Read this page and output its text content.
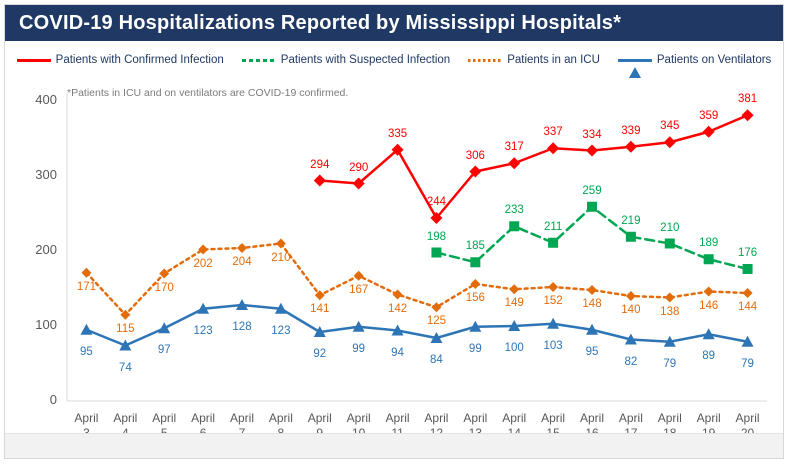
COVID-19 Hospitalizations Reported by Mississippi Hospitals*
Patients with Confirmed Infection	Patients with Suspected Infection	Patients in an ICU	Patients on Ventilators
*Patients in ICU and on ventilators are COVID-19 confirmed.
0
100
200
300
400
April	April	April	April	April	April	April	April	April	April	April	April	April	April	April	April	April	April

294	290
335
244
306
317
337	334	339	345
359
381
198
185
233
211
259
219
210
189
176
171
115
170
202	204	210
141
167
142
125
156	149	152	148	140	138	146	144
95
74
97
123	128	123
92	99	94
84
99	100	103	95
82	79
89
79
